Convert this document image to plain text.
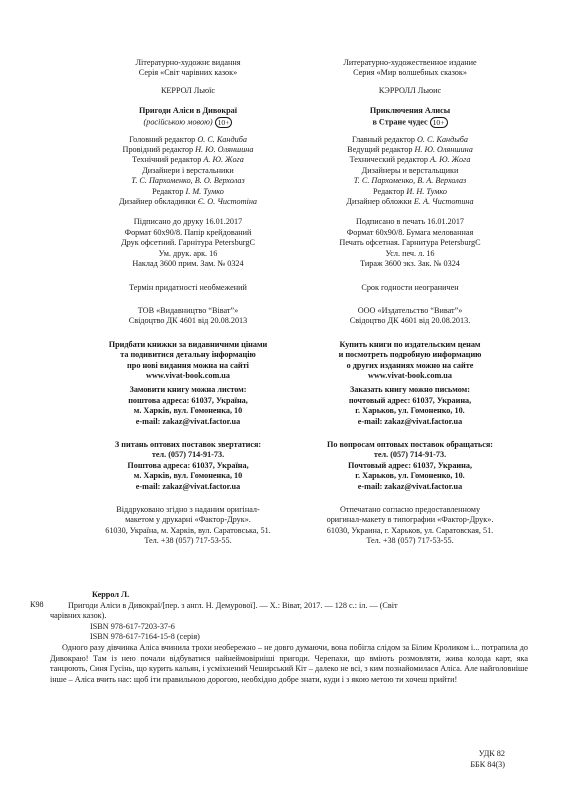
Літературно-художнє видання

Серія «Світ чарівних казок»

КЕРРОЛ Льюїс

Пригоди Аліси в Дивокраї

(російською мовою) 10+

Головний редактор О. С. Кандиба

Провідний редактор Н. Ю. Оляншина

Технічний редактор А. Ю. Жога

Дизайнери і верстальники

Т. С. Пархоменко, В. О. Верхолаз

Редактор І. М. Тумко

Дизайнер обкладинки Є. О. Чистотіна

Підписано до друку 16.01.2017

Формат 60x90/8. Папір крейдований

Друк офсетний. Гарнітура PetersburgC

Ум. друк. арк. 16

Наклад 3600 прим. Зам. № 0324

Термін придатності необмежений

ТОВ «Видавництво “Віват”»

Свідоцтво ДК 4601 від 20.08.2013

Придбати книжки за видавничими цінами

та подивитися детальну інформацію

про нові видання можна на сайті

www.vivat-book.com.ua

Замовити книгу можна листом:

поштова адреса: 61037, Україна,

м. Харків, вул. Гомоненка, 10

e-mail: zakaz@vivat.factor.ua

З питань оптових поставок звертатися:

тел. (057) 714-91-73.

Поштова адреса: 61037, Україна,

м. Харків, вул. Гомоненка, 10

e-mail: zakaz@vivat.factor.ua

Віддруковано згідно з наданим оригінал-

макетом у друкарні «Фактор-Друк».

61030, Україна, м. Харків, вул. Саратовська, 51.

Тел. +38 (057) 717-53-55.

Литературно-художественное издание

Серия «Мир волшебных сказок»

КЭРРОЛЛ Льюис

Приключения Алисы

в Стране чудес 10+

Главный редактор О. С. Кандыба

Ведущий редактор Н. Ю. Оляншина

Технический редактор А. Ю. Жога

Дизайнеры и верстальщики

Т. С. Пархоменко, В. А. Верхолаз

Редактор И. Н. Тумко

Дизайнер обложки Е. А. Чистотина

Подписано в печать 16.01.2017

Формат 60x90/8. Бумага мелованная

Печать офсетная. Гарнитура PetersburgC

Усл. печ. л. 16

Тираж 3600 экз. Зак. № 0324

Срок годности неограничен

ООО «Издательство “Виват”»

Свідоцтво ДК 4601 від 20.08.2013.

Купить книги по издательским ценам

и посмотреть подробную информацию

о других изданиях можно на сайте

www.vivat-book.com.ua

Заказать книгу можно письмом:

почтовый адрес: 61037, Украина,

г. Харьков, ул. Гомоненко, 10.

e-mail: zakaz@vivat.factor.ua

По вопросам оптовых поставок обращаться:

тел. (057) 714-91-73.

Почтовый адрес: 61037, Украина,

г. Харьков, ул. Гомоненко, 10.

e-mail: zakaz@vivat.factor.ua

Отпечатано согласно предоставленному

оригинал-макету в типографии «Фактор-Друк».

61030, Украина, г. Харьков, ул. Саратовская, 51.

Тел. +38 (057) 717-53-55.

К98

Керрол Л.

Пригоди Аліси в Дивокраї/[пер. з англ. Н. Демурової]. — Х.: Віват, 2017. — 128 с.: іл. — (Світ

чарівних казок).

ISBN 978-617-7203-37-6

ISBN 978-617-7164-15-8 (серія)

Одного разу дівчинка Аліса вчинила трохи необережно – не довго думаючи, вона побігла слідом за Білим Кроликом і... потрапила до Дивокраю! Там із нею почали відбуватися найнеймовірніші пригоди. Черепахи, що вміють розмовляти, жива колода карт, яка танцюють, Синя Гусінь, що курить кальян, і усміхнений Чеширський Кіт – далеко не всі, з ким познайомилася Аліса. Але найголовніше інше – Аліса вчить нас: щоб іти правильною дорогою, необхідно добре знати, куди і з якою метою ти хочеш прийти!

УДК 82

ББК 84(3)
